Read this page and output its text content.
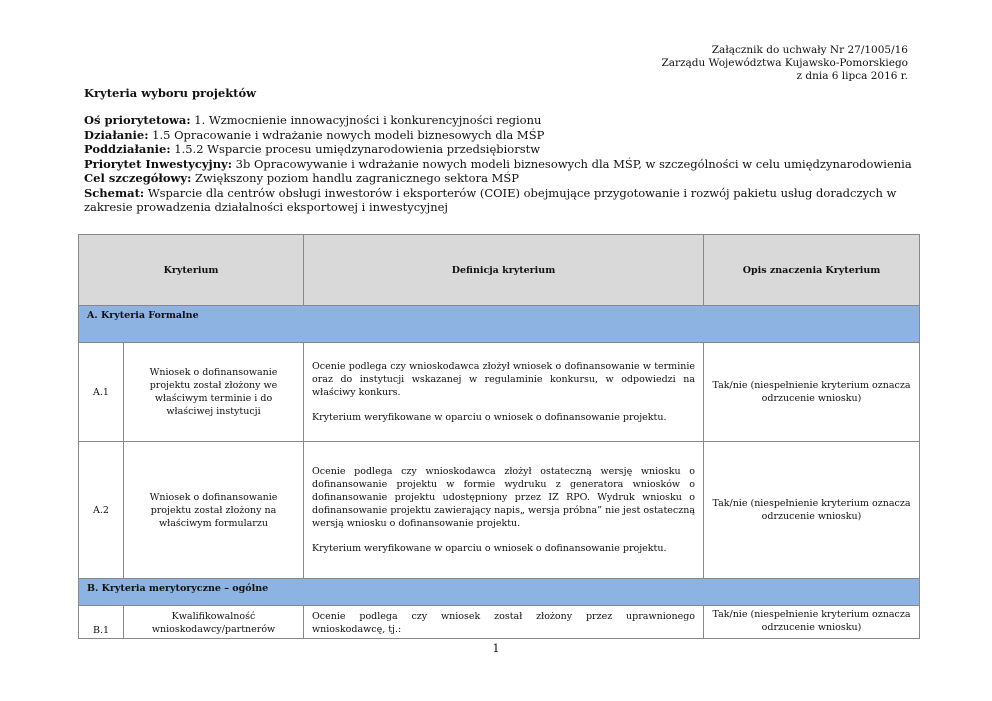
Załącznik do uchwały Nr 27/1005/16
Zarządu Województwa Kujawsko-Pomorskiego
z dnia 6 lipca 2016 r.
Kryteria wyboru projektów
Oś priorytetowa: 1. Wzmocnienie innowacyjności i konkurencyjności regionu
Działanie: 1.5 Opracowanie i wdrażanie nowych modeli biznesowych dla MŚP
Poddziałanie: 1.5.2 Wsparcie procesu umiędzynarodowienia przedsiębiorstw
Priorytet Inwestycyjny: 3b Opracowywanie i wdrażanie nowych modeli biznesowych dla MŚP, w szczególności w celu umiędzynarodowienia
Cel szczegółowy: Zwiększony poziom handlu zagranicznego sektora MŚP
Schemat: Wsparcie dla centrów obsługi inwestorów i eksporterów (COIE) obejmujące przygotowanie i rozwój pakietu usług doradczych w zakresie prowadzenia działalności eksportowej i inwestycyjnej
Kryterium		Definicja kryterium	Opis znaczenia Kryterium
A. Kryteria Formalne			
A.1	Wniosek o dofinansowanie projektu został złożony we właściwym terminie i do właściwej instytucji	Ocenie podlega czy wnioskodawca złożył wniosek o dofinansowanie w terminie oraz do instytucji wskazanej w regulaminie konkursu, w odpowiedzi na właściwy konkurs.

Kryterium weryfikowane w oparciu o wniosek o dofinansowanie projektu.	Tak/nie (niespełnienie kryterium oznacza odrzucenie wniosku)
A.2	Wniosek o dofinansowanie projektu został złożony na właściwym formularzu	Ocenie podlega czy wnioskodawca złożył ostateczną wersję wniosku o dofinansowanie projektu w formie wydruku z generatora wniosków o dofinansowanie projektu udostępniony przez IZ RPO. Wydruk wniosku o dofinansowanie projektu zawierający napis„ wersja próbna” nie jest ostateczną wersją wniosku o dofinansowanie projektu.

Kryterium weryfikowane w oparciu o wniosek o dofinansowanie projektu.	Tak/nie (niespełnienie kryterium oznacza odrzucenie wniosku)
B. Kryteria merytoryczne – ogólne			
B.1	Kwalifikowalność wnioskodawcy/partnerów	Ocenie podlega czy wniosek został złożony przez uprawnionego wnioskodawcę, tj.:	Tak/nie (niespełnienie kryterium oznacza odrzucenie wniosku)
1
